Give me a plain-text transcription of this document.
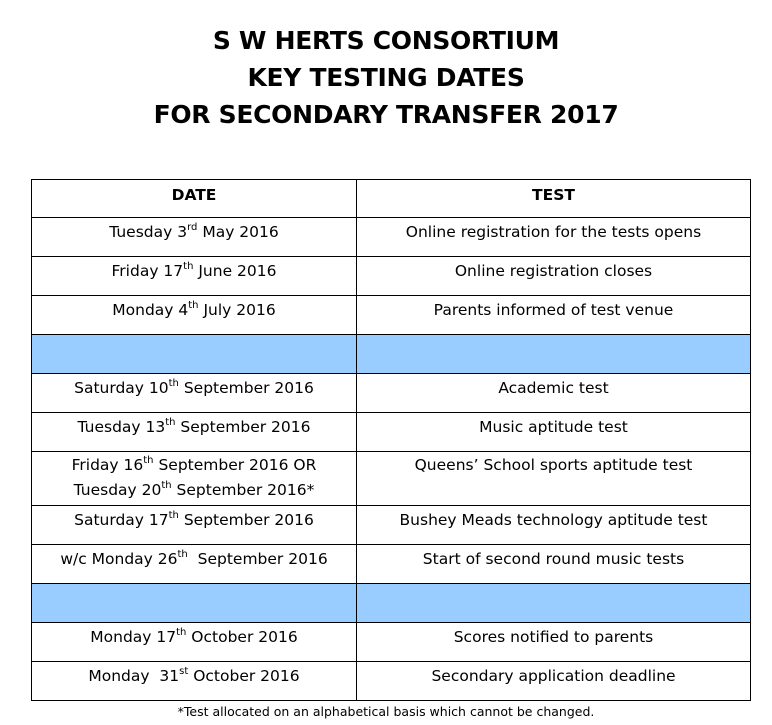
S W HERTS CONSORTIUM
KEY TESTING DATES
FOR SECONDARY TRANSFER 2017
DATE	TEST
Tuesday 3rd May 2016	Online registration for the tests opens
Friday 17th June 2016	Online registration closes
Monday 4th July 2016	Parents informed of test venue

Saturday 10th September 2016	Academic test
Tuesday 13th September 2016	Music aptitude test

Friday 16th September 2016 OR
Tuesday 20th September 2016*	Queens’ School sports aptitude test
Saturday 17th September 2016	Bushey Meads technology aptitude test
w/c Monday 26th  September 2016	Start of second round music tests

Monday 17th October 2016	Scores notified to parents
Monday  31st October 2016	Secondary application deadline
*Test allocated on an alphabetical basis which cannot be changed.
